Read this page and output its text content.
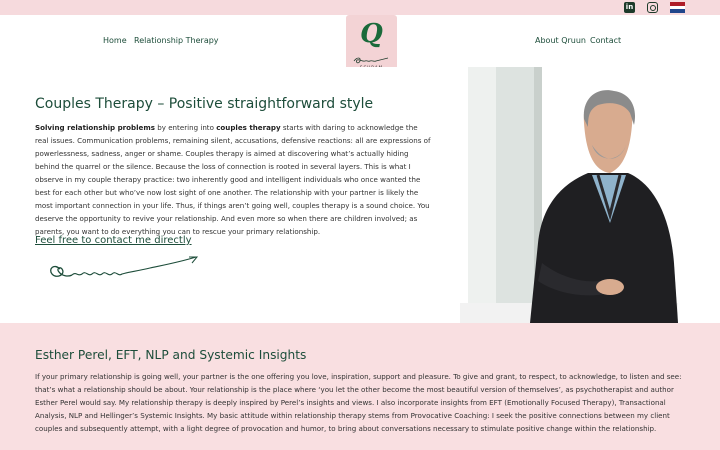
in
Home Relationship Therapy	About Qruun Contact
Q
Couples Therapy – Positive straightforward style

Solving relationship problems by entering into couples therapy starts with daring to acknowledge the real issues. Communication problems, remaining silent, accusations, defensive reactions: all are expressions of powerlessness, sadness, anger or shame. Couples therapy is aimed at discovering what’s actually hiding behind the quarrel or the silence. Because the loss of connection is rooted in several layers. This is what I observe in my couple therapy practice: two inherently good and intelligent individuals who once wanted the best for each other but who’ve now lost sight of one another. The relationship with your partner is likely the most important connection in your life. Thus, if things aren’t going well, couples therapy is a sound choice. You deserve the opportunity to revive your relationship. And even more so when there are children involved; as parents, you want to do everything you can to rescue your primary relationship.

Feel free to contact me directly
Esther Perel, EFT, NLP and Systemic Insights

If your primary relationship is going well, your partner is the one offering you love, inspiration, support and pleasure. To give and grant, to respect, to acknowledge, to listen and see: that’s what a relationship should be about. Your relationship is the place where ‘you let the other become the most beautiful version of themselves’, as psychotherapist and author Esther Perel would say. My relationship therapy is deeply inspired by Perel’s insights and views. I also incorporate insights from EFT (Emotionally Focused Therapy), Transactional Analysis, NLP and Hellinger’s Systemic Insights. My basic attitude within relationship therapy stems from Provocative Coaching: I seek the positive connections between my client couples and subsequently attempt, with a light degree of provocation and humor, to bring about conversations necessary to stimulate positive change within the relationship.
